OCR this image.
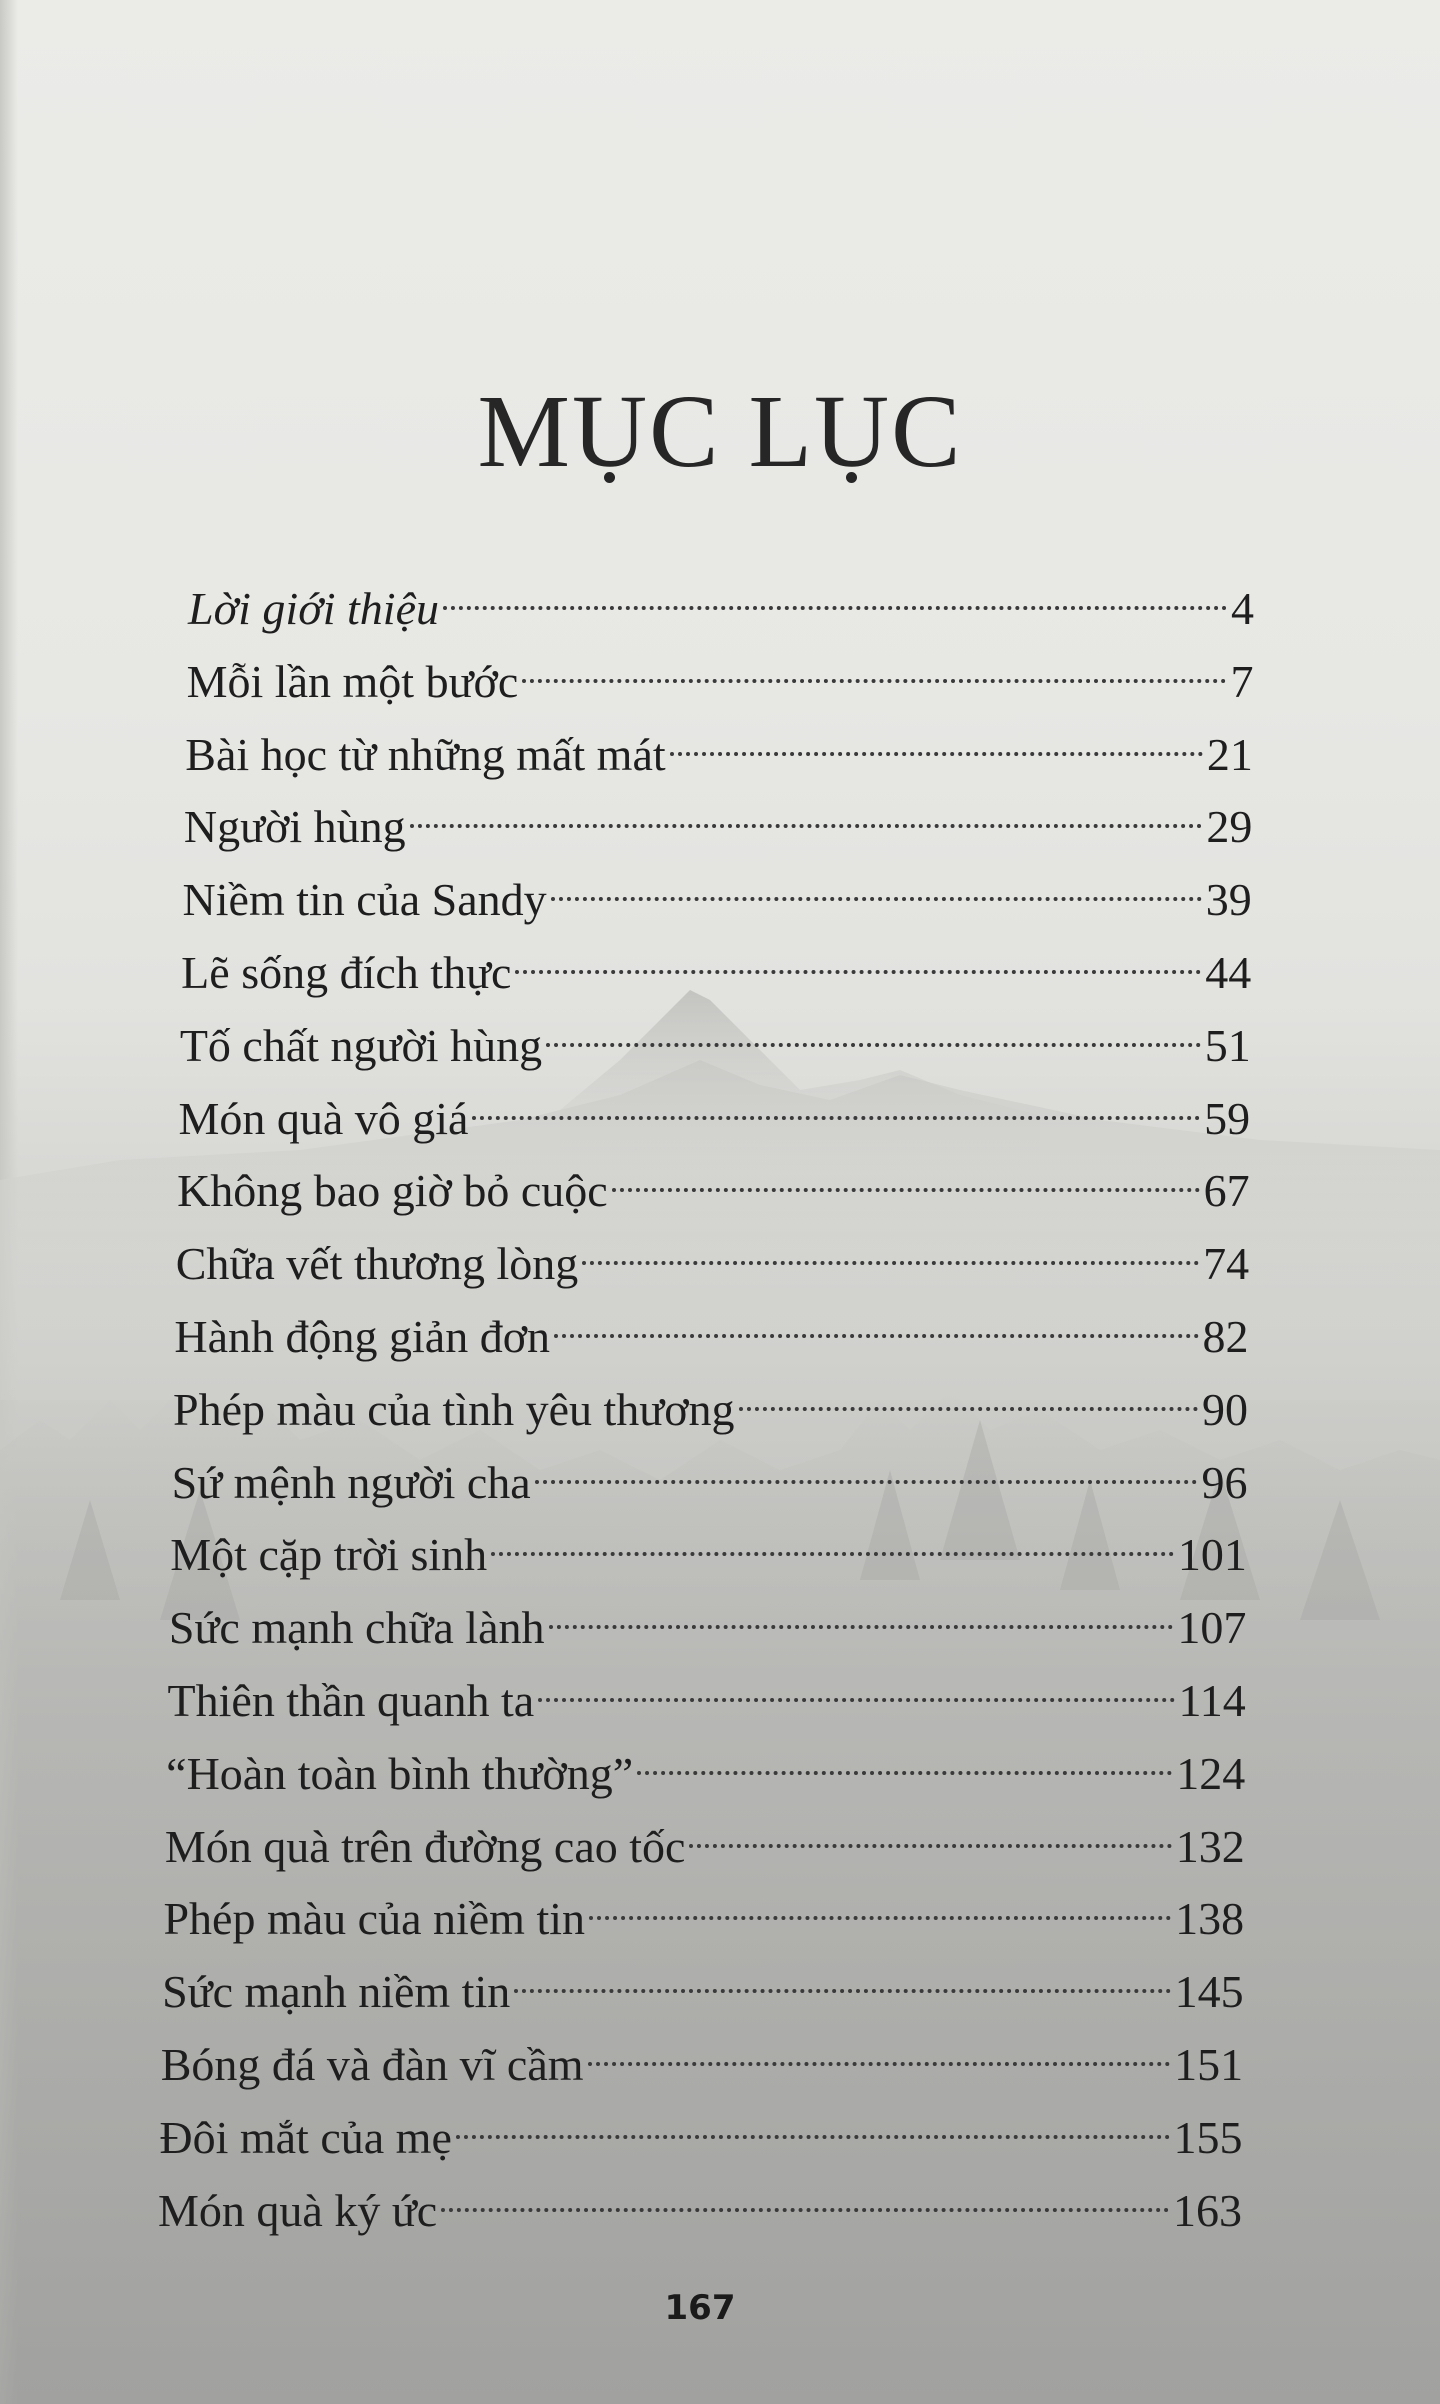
MỤC LỤC
Lời giới thiệu	4
Mỗi lần một bước	7
Bài học từ những mất mát	21
Người hùng	29
Niềm tin của Sandy	39
Lẽ sống đích thực	44
Tố chất người hùng	51
Món quà vô giá	59
Không bao giờ bỏ cuộc	67
Chữa vết thương lòng	74
Hành động giản đơn	82
Phép màu của tình yêu thương	90
Sứ mệnh người cha	96
Một cặp trời sinh	101
Sức mạnh chữa lành	107
Thiên thần quanh ta	114
“Hoàn toàn bình thường”	124
Món quà trên đường cao tốc	132
Phép màu của niềm tin	138
Sức mạnh niềm tin	145
Bóng đá và đàn vĩ cầm	151
Đôi mắt của mẹ	155
Món quà ký ức	163
167
